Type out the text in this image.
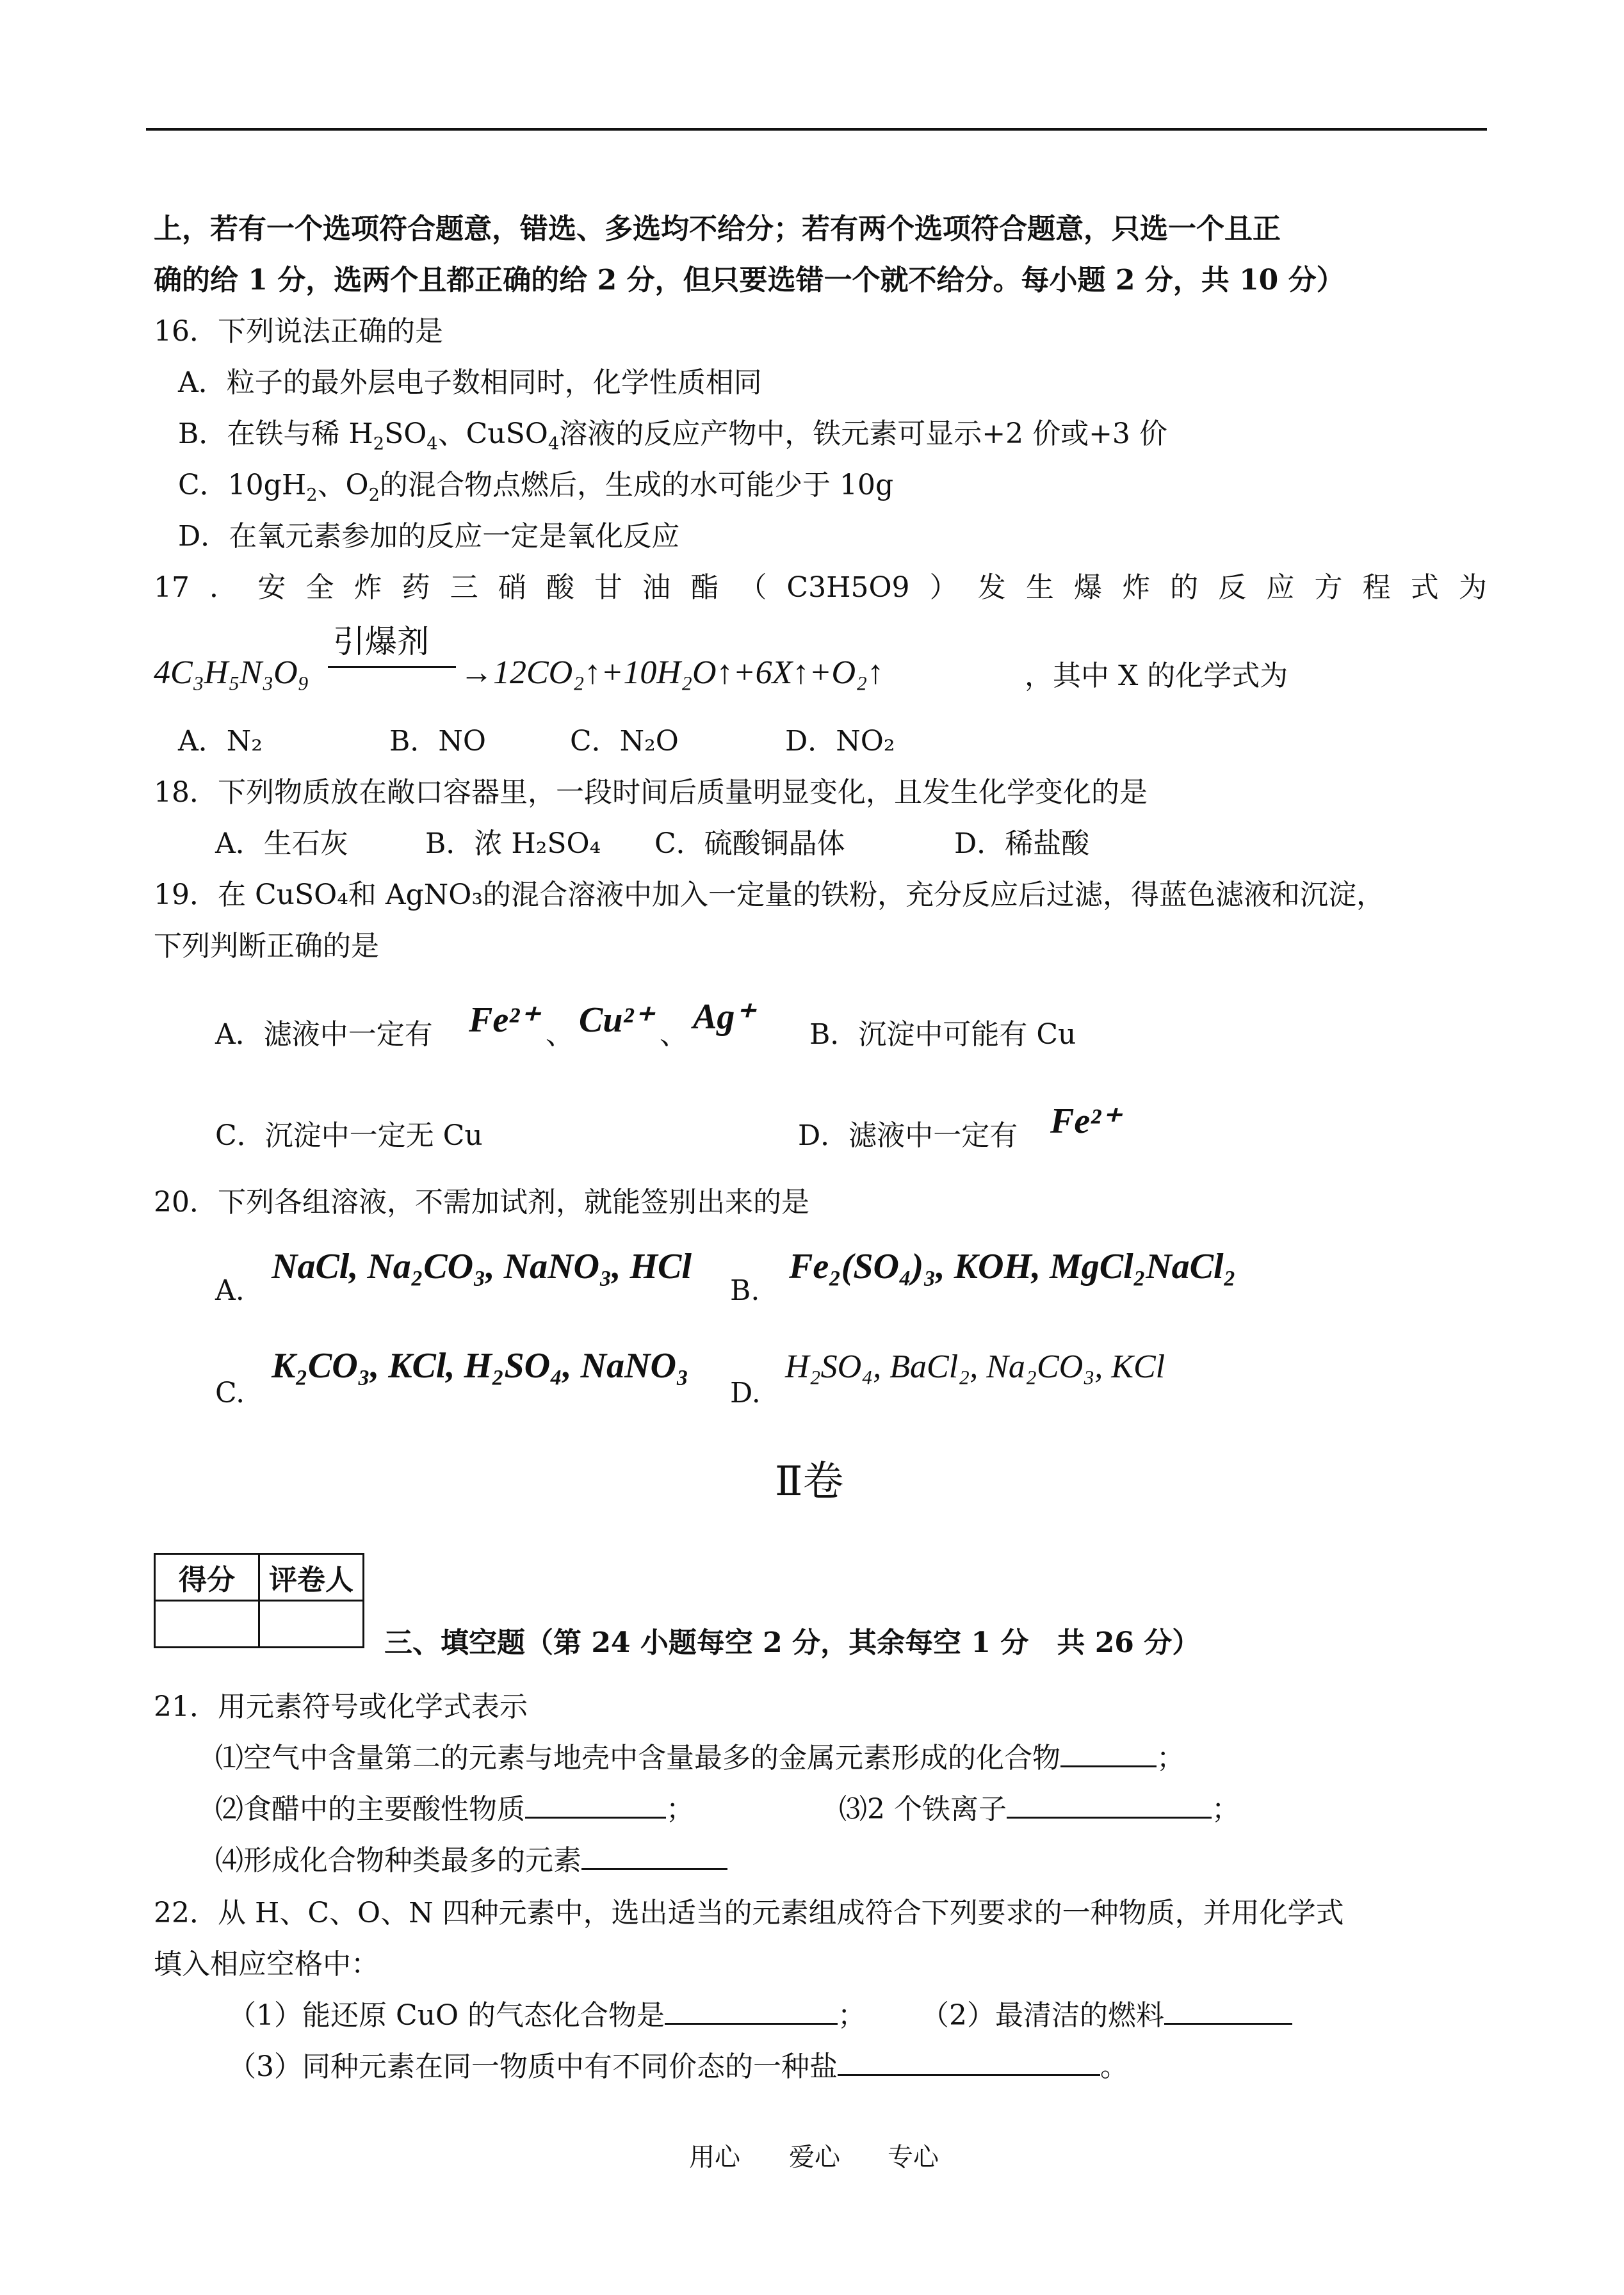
上，若有一个选项符合题意，错选、多选均不给分；若有两个选项符合题意，只选一个且正
确的给 1 分，选两个且都正确的给 2 分，但只要选错一个就不给分。每小题 2 分，共 10 分）
16．下列说法正确的是
A．粒子的最外层电子数相同时，化学性质相同
B．在铁与稀 $H_2SO_4$、CuSO$_4$溶液的反应产物中，铁元素可显示+2 价或+3 价
C．$10gH_2$、$O_2$的混合物点燃后，生成的水可能少于 10g
D．在氧元素参加的反应一定是氧化反应
17 ． 安 全 炸 药 三 硝 酸 甘 油 酯 （ C3H5O9 ） 发 生 爆 炸 的 反 应 方 程 式 为
4C₃H₅N₃O₉
引爆剂
→12CO₂↑+10H₂O↑+6X↑+O₂↑	，其中 X 的化学式为
A．N₂	B．NO	C．N₂O	D．NO₂
18．下列物质放在敞口容器里，一段时间后质量明显变化，且发生化学变化的是
A．生石灰	B．浓 H₂SO₄ C．硫酸铜晶体	D．稀盐酸
19．在 CuSO₄和 AgNO₃的混合溶液中加入一定量的铁粉，充分反应后过滤，得蓝色滤液和沉淀，
下列判断正确的是
A．滤液中一定有 Fe²⁺ 、 Cu²⁺ 、 Ag⁺ B．沉淀中可能有 Cu
C．沉淀中一定无 Cu	D．滤液中一定有 Fe²⁺
20．下列各组溶液，不需加试剂，就能签别出来的是
A.
NaCl, Na₂CO₃, NaNO₃, HCl
B.
Fe₂(SO₄)₃, KOH, MgCl₂NaCl₂
C.
K₂CO₃, KCl, H₂SO₄, NaNO₃
D.
H₂SO₄, BaCl₂, Na₂CO₃, KCl
Ⅱ卷
得分	评卷人

三、填空题（第 24 小题每空 2 分，其余每空 1 分　共 26 分）
21．用元素符号或化学式表示
⑴空气中含量第二的元素与地壳中含量最多的金属元素形成的化合物	；
⑵食醋中的主要酸性物质	；	⑶2 个铁离子	；
⑷形成化合物种类最多的元素
22．从 H、C、O、N 四种元素中，选出适当的元素组成符合下列要求的一种物质，并用化学式
填入相应空格中：
（1）能还原 CuO 的气态化合物是	； （2）最清洁的燃料
（3）同种元素在同一物质中有不同价态的一种盐	。
用心 爱心 专心
